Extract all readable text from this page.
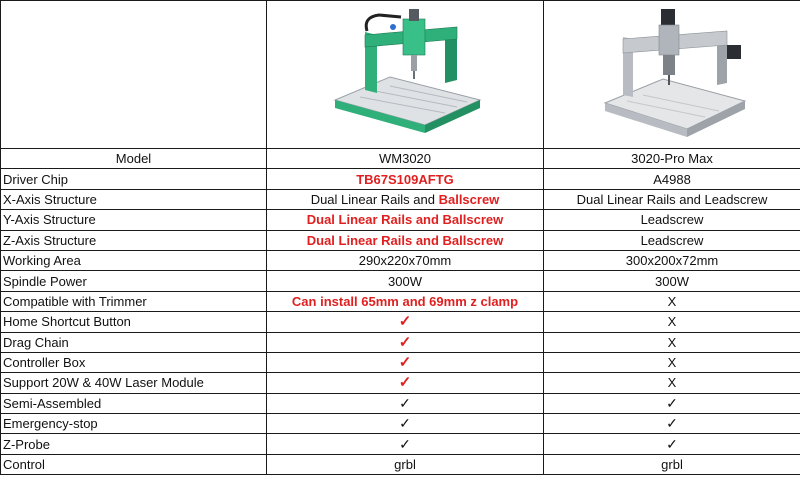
Model	WM3020	3020-Pro Max
Driver Chip	TB67S109AFTG	A4988
X-Axis Structure	Dual Linear Rails and Ballscrew	Dual Linear Rails and Leadscrew
Y-Axis Structure	Dual Linear Rails and Ballscrew	Leadscrew
Z-Axis Structure	Dual Linear Rails and Ballscrew	Leadscrew
Working Area	290x220x70mm	300x200x72mm
Spindle Power	300W	300W
Compatible with Trimmer	Can install 65mm and 69mm z clamp	X
Home Shortcut Button	✓	X
Drag Chain	✓	X
Controller Box	✓	X
Support 20W & 40W Laser Module	✓	X
Semi-Assembled	✓	✓
Emergency-stop	✓	✓
Z-Probe	✓	✓
Control	grbl	grbl
